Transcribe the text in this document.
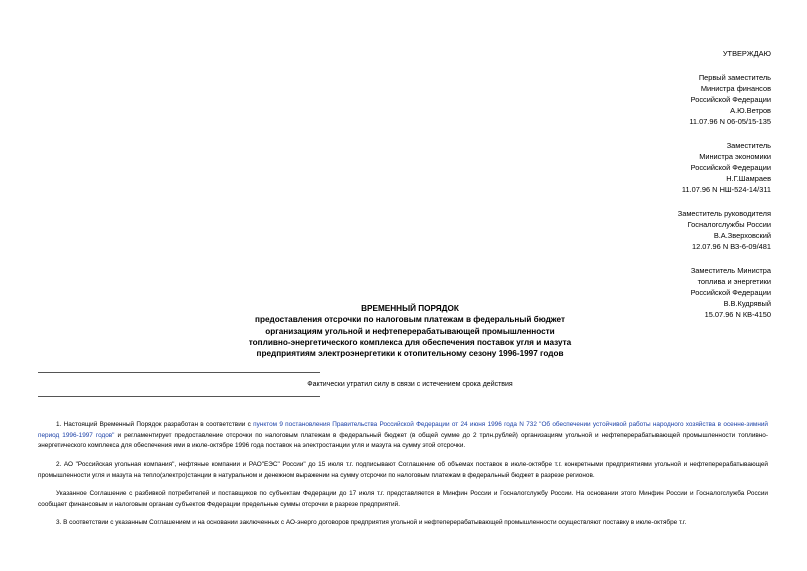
УТВЕРЖДАЮ
Первый заместитель
Министра финансов
Российской Федерации
А.Ю.Ветров
11.07.96 N 06-05/15-135
Заместитель
Министра экономики
Российской Федерации
Н.Г.Шамраев
11.07.96 N НШ-524-14/311
Заместитель руководителя
Госналогслужбы России
В.А.Зверховский
12.07.96 N ВЗ-6-09/481
Заместитель Министра
топлива и энергетики
Российской Федерации
В.В.Кудрявый
15.07.96 N КВ-4150
ВРЕМЕННЫЙ ПОРЯДОК
предоставления отсрочки по налоговым платежам в федеральный бюджет
организациям угольной и нефтеперерабатывающей промышленности
топливно-энергетического комплекса для обеспечения поставок угля и мазута
предприятиям электроэнергетики к отопительному сезону 1996-1997 годов
Фактически утратил силу в связи с истечением срока действия
1. Настоящий Временный Порядок разработан в соответствии с пунктом 9 постановления Правительства Российской Федерации от 24 июня 1996 года N 732 "Об обеспечении устойчивой работы народного хозяйства в осенне-зимний период 1996-1997 годов" и регламентирует предоставление отсрочки по налоговым платежам в федеральный бюджет (в общей сумме до 2 трлн.рублей) организациям угольной и нефтеперерабатывающей промышленности топливно-энергетического комплекса для обеспечения ими в июле-октябре 1996 года поставок на электростанции угля и мазута на сумму этой отсрочки.
2. АО "Российская угольная компания", нефтяные компании и РАО"ЕЭС" России" до 15 июля т.г. подписывают Соглашение об объемах поставок в июле-октябре т.г. конкретными предприятиями угольной и нефтеперерабатывающей промышленности угля и мазута на тепло(электро)станции в натуральном и денежном выражении на сумму отсрочки по налоговым платежам в федеральный бюджет в разрезе регионов.
Указанное Соглашение с разбивкой потребителей и поставщиков по субъектам Федерации до 17 июля т.г. представляется в Минфин России и Госналогслужбу России. На основании этого Минфин России и Госналогслужба России сообщает финансовым и налоговым органам субъектов Федерации предельные суммы отсрочки в разрезе предприятий.
3. В соответствии с указанным Соглашением и на основании заключенных с АО-энерго договоров предприятия угольной и нефтеперерабатывающей промышленности осуществляют поставку в июле-октябре т.г.
